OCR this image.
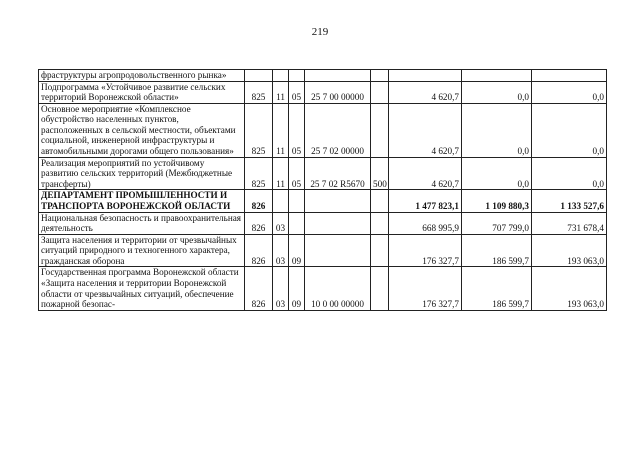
219
фраструктуры агропродовольственного рынка»								
Подпрограмма «Устойчивое развитие сельских территорий Воронежской области»	825	11	05	25 7 00 00000		4 620,7	0,0	0,0
Основное мероприятие «Комплексное обустройство населенных пунктов, расположенных в сельской местности, объектами социальной, инженерной инфраструктуры и автомобильными дорогами общего пользования»	825	11	05	25 7 02 00000		4 620,7	0,0	0,0
Реализация мероприятий по устойчивому развитию сельских территорий (Межбюджетные трансферты)	825	11	05	25 7 02 R5670	500	4 620,7	0,0	0,0
ДЕПАРТАМЕНТ ПРОМЫШЛЕННОСТИ И ТРАНСПОРТА ВОРОНЕЖСКОЙ ОБЛАСТИ	826					1 477 823,1	1 109 880,3	1 133 527,6
Национальная безопасность и правоохранительная деятельность	826	03				668 995,9	707 799,0	731 678,4
Защита населения и территории от чрезвычайных ситуаций природного и техногенного характера, гражданская оборона	826	03	09			176 327,7	186 599,7	193 063,0
Государственная программа Воронежской области «Защита населения и территории Воронежской области от чрезвычайных ситуаций, обеспечение пожарной безопас-	826	03	09	10 0 00 00000		176 327,7	186 599,7	193 063,0
